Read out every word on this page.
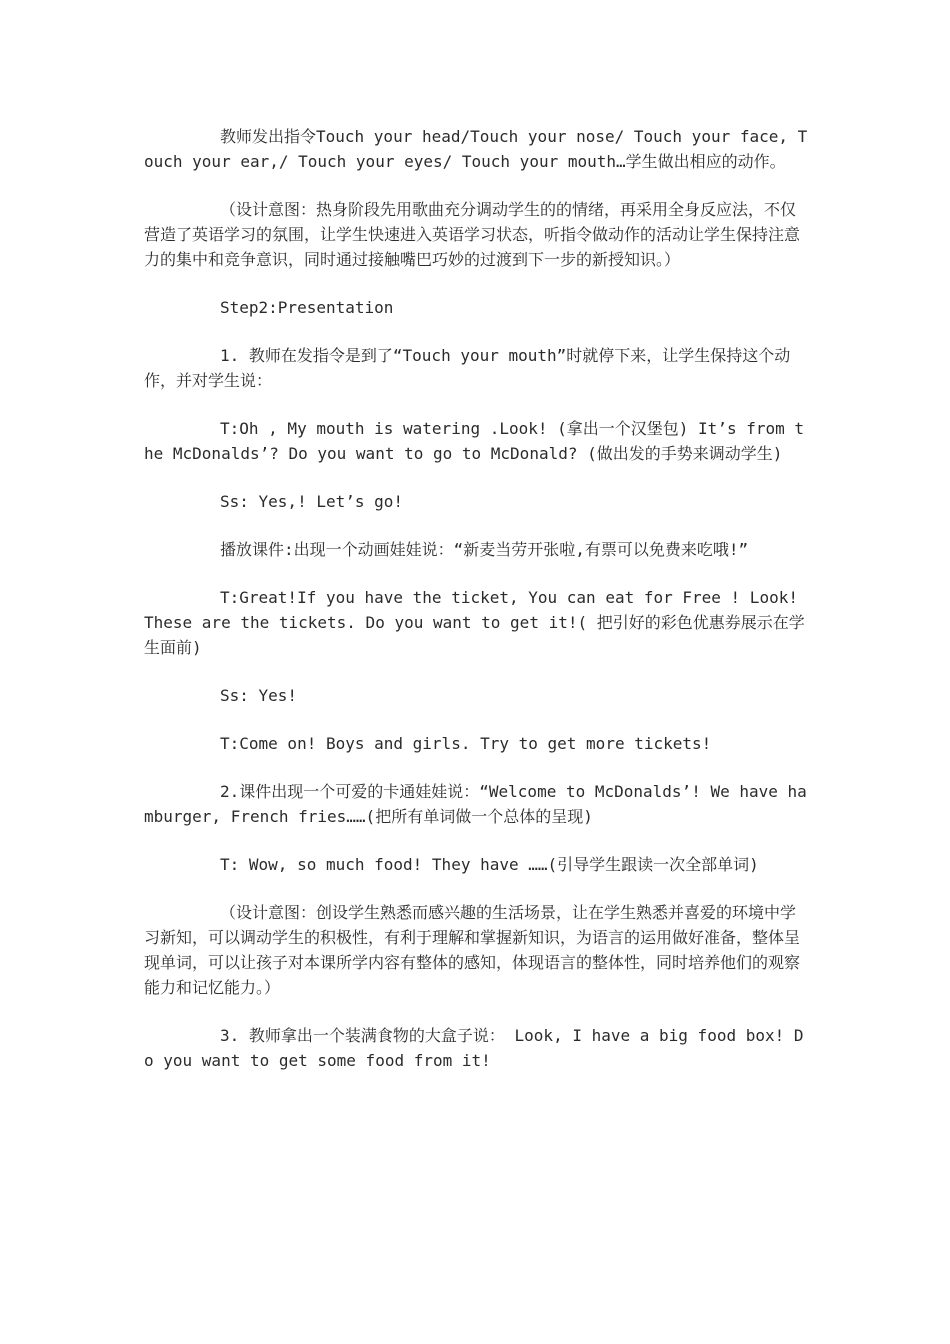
教师发出指令Touch your head/Touch your nose/ Touch your face, Touch your ear,/ Touch your eyes/ Touch your mouth…学生做出相应的动作。

（设计意图：热身阶段先用歌曲充分调动学生的的情绪，再采用全身反应法，不仅营造了英语学习的氛围，让学生快速进入英语学习状态，听指令做动作的活动让学生保持注意力的集中和竞争意识，同时通过接触嘴巴巧妙的过渡到下一步的新授知识。）

Step2:Presentation

1. 教师在发指令是到了“Touch your mouth”时就停下来，让学生保持这个动作，并对学生说：

T:Oh , My mouth is watering .Look! (拿出一个汉堡包) It’s from the McDonalds’? Do you want to go to McDonald? (做出发的手势来调动学生)

Ss: Yes,! Let’s go!

播放课件:出现一个动画娃娃说：“新麦当劳开张啦,有票可以免费来吃哦!”

T:Great!If you have the ticket, You can eat for Free ! Look! These are the tickets. Do you want to get it!( 把引好的彩色优惠券展示在学生面前)

Ss: Yes!

T:Come on! Boys and girls. Try to get more tickets!

2.课件出现一个可爱的卡通娃娃说：“Welcome to McDonalds’! We have hamburger, French fries……(把所有单词做一个总体的呈现)

T: Wow, so much food! They have ……(引导学生跟读一次全部单词)

（设计意图：创设学生熟悉而感兴趣的生活场景，让在学生熟悉并喜爱的环境中学习新知，可以调动学生的积极性，有利于理解和掌握新知识，为语言的运用做好准备，整体呈现单词，可以让孩子对本课所学内容有整体的感知，体现语言的整体性，同时培养他们的观察能力和记忆能力。）

3. 教师拿出一个装满食物的大盒子说： Look, I have a big food box! Do you want to get some food from it!
